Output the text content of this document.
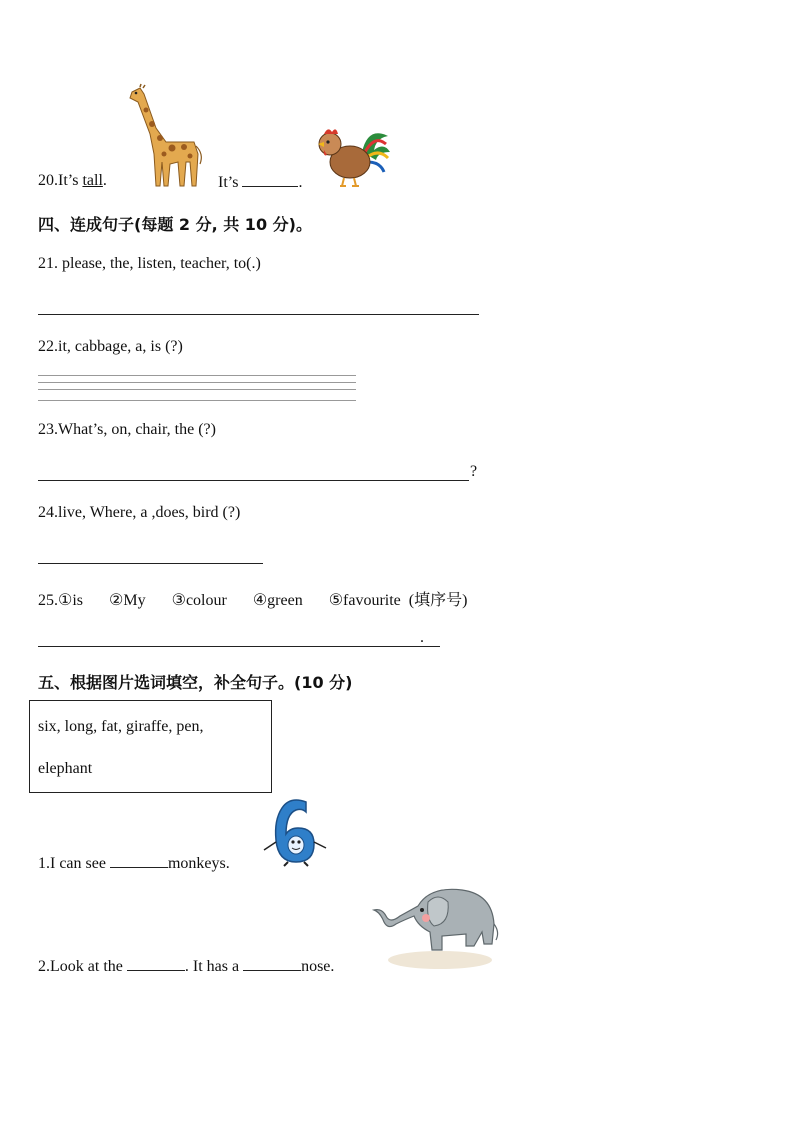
20.It’s tall.	It’s	.
四、连成句子(每题 2 分, 共 10 分)。
21. please, the, listen, teacher, to(.)
22.it, cabbage, a, is (?)
23.What’s, on, chair, the (?)
?
24.live, Where, a ,does, bird (?)
25.①is ②My ③colour ④green ⑤favourite (填序号)
.
五、根据图片选词填空，补全句子。(10 分)
six, long, fat, giraffe, pen,
elephant
1.I can see	monkeys.
2.Look at the	. It has a	nose.
